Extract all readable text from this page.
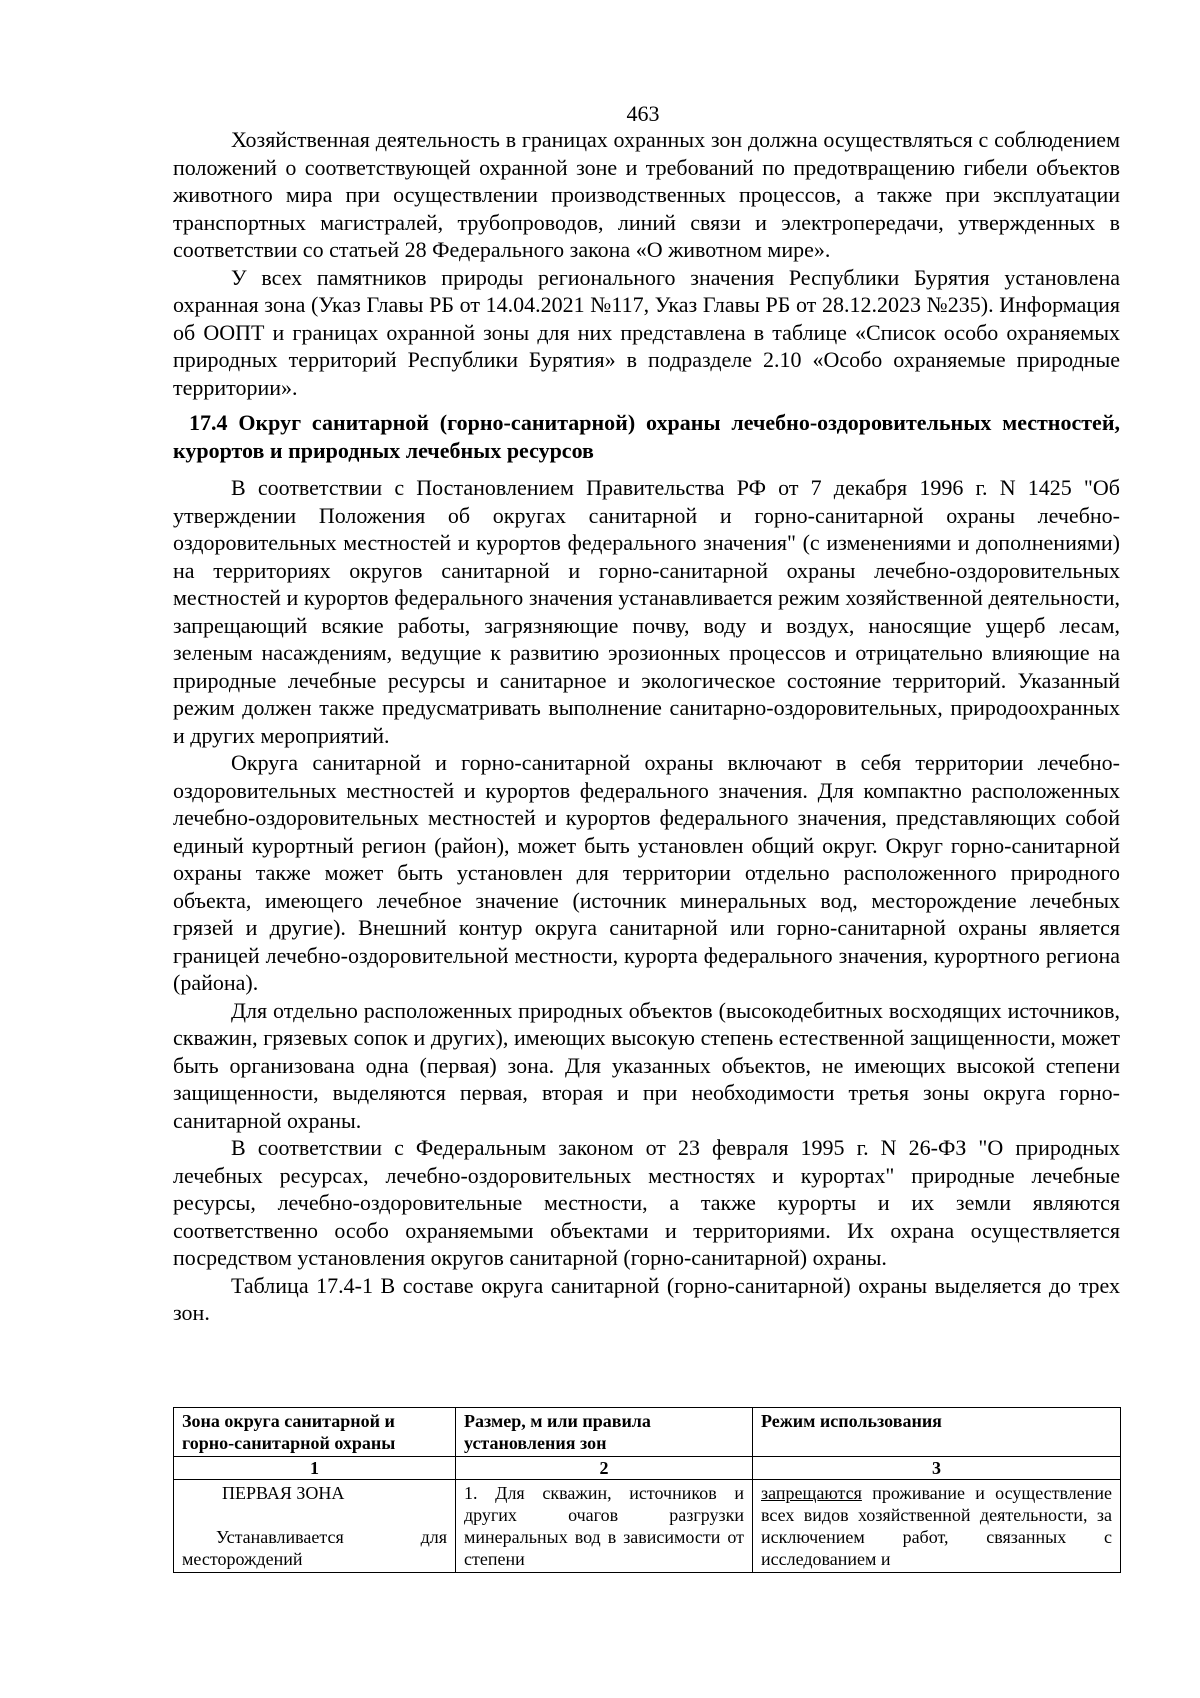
463

Хозяйственная деятельность в границах охранных зон должна осуществляться с соблюдением положений о соответствующей охранной зоне и требований по предотвращению гибели объектов животного мира при осуществлении производственных процессов, а также при эксплуатации транспортных магистралей, трубопроводов, линий связи и электропередачи, утвержденных в соответствии со статьей 28 Федерального закона «О животном мире».

У всех памятников природы регионального значения Республики Бурятия установлена охранная зона (Указ Главы РБ от 14.04.2021 №117, Указ Главы РБ от 28.12.2023 №235). Информация об ООПТ и границах охранной зоны для них представлена в таблице «Список особо охраняемых природных территорий Республики Бурятия» в подразделе 2.10 «Особо охраняемые природные территории».

17.4 Округ санитарной (горно-санитарной) охраны лечебно-оздоровительных местностей, курортов и природных лечебных ресурсов

В соответствии с Постановлением Правительства РФ от 7 декабря 1996 г. N 1425 "Об утверждении Положения об округах санитарной и горно-санитарной охраны лечебно-оздоровительных местностей и курортов федерального значения" (с изменениями и дополнениями) на территориях округов санитарной и горно-санитарной охраны лечебно-оздоровительных местностей и курортов федерального значения устанавливается режим хозяйственной деятельности, запрещающий всякие работы, загрязняющие почву, воду и воздух, наносящие ущерб лесам, зеленым насаждениям, ведущие к развитию эрозионных процессов и отрицательно влияющие на природные лечебные ресурсы и санитарное и экологическое состояние территорий. Указанный режим должен также предусматривать выполнение санитарно-оздоровительных, природоохранных и других мероприятий.

Округа санитарной и горно-санитарной охраны включают в себя территории лечебно-оздоровительных местностей и курортов федерального значения. Для компактно расположенных лечебно-оздоровительных местностей и курортов федерального значения, представляющих собой единый курортный регион (район), может быть установлен общий округ. Округ горно-санитарной охраны также может быть установлен для территории отдельно расположенного природного объекта, имеющего лечебное значение (источник минеральных вод, месторождение лечебных грязей и другие). Внешний контур округа санитарной или горно-санитарной охраны является границей лечебно-оздоровительной местности, курорта федерального значения, курортного региона (района).

Для отдельно расположенных природных объектов (высокодебитных восходящих источников, скважин, грязевых сопок и других), имеющих высокую степень естественной защищенности, может быть организована одна (первая) зона. Для указанных объектов, не имеющих высокой степени защищенности, выделяются первая, вторая и при необходимости третья зоны округа горно-санитарной охраны.

В соответствии с Федеральным законом от 23 февраля 1995 г. N 26-ФЗ "О природных лечебных ресурсах, лечебно-оздоровительных местностях и курортах" природные лечебные ресурсы, лечебно-оздоровительные местности, а также курорты и их земли являются соответственно особо охраняемыми объектами и территориями. Их охрана осуществляется посредством установления округов санитарной (горно-санитарной) охраны.

Таблица 17.4-1 В составе округа санитарной (горно-санитарной) охраны выделяется до трех зон.

Зона округа санитарной и горно-санитарной охраны	Размер, м или правила установления зон	Режим использования
1	2	3

ПЕРВАЯ ЗОНА
Устанавливается для месторождений	1. Для скважин, источников и других очагов разгрузки минеральных вод в зависимости от степени	запрещаются проживание и осуществление всех видов хозяйственной деятельности, за исключением работ, связанных с исследованием и
